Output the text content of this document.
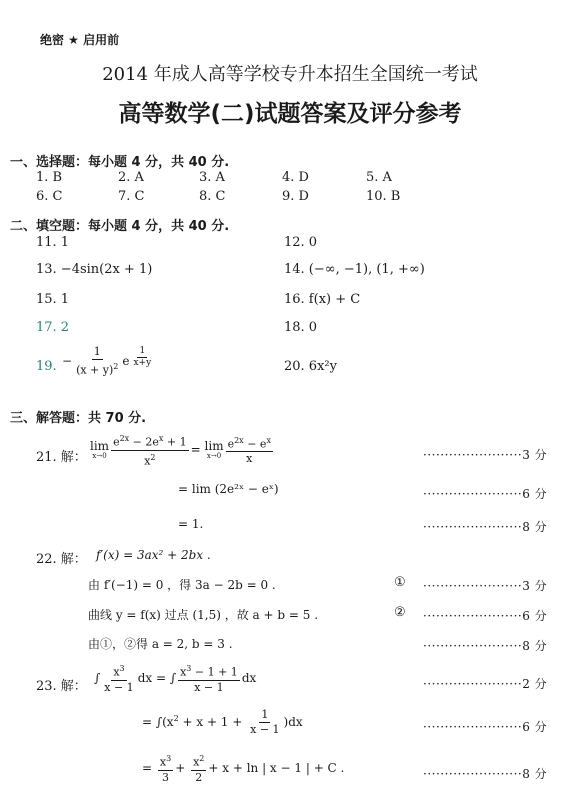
绝密 ★ 启用前
2014 年成人高等学校专升本招生全国统一考试
高等数学(二)试题答案及评分参考
一、选择题：每小题 4 分，共 40 分.
1. B	2. A	3. A	4. D	5. A
6. C	7. C	8. C	9. D	10. B
二、填空题：每小题 4 分，共 40 分.
11. 1	12. 0
13. −4sin(2x + 1)	14. (−∞, −1), (1, +∞)
15. 1	16. f(x) + C
17. 2	18. 0
19. − $\frac{1}{(x + y)^2}$ e $^{\frac{1}{x+y}}$	20. 6x²y
三、解答题：共 70 分.
21. 解：
lim
$x\to 0 \frac{e^{2x} - 2e^x + 1}{x^2} = \lim$
$x\to 0 \frac{e^{2x} - e^x}{x}$	·······················3 分
= lim (2e²ˣ − eˣ)	·······················6 分
= 1.	·······················8 分
22. 解： f′(x) = 3ax² + 2bx .
由 f′(−1) = 0 ，得 3a − 2b = 0 .	① ·······················3 分
曲线 y = f(x) 过点 (1,5) ，故 a + b = 5 .	② ·······················6 分
由①，②得 a = 2, b = 3 .	·······················8 分
23. 解：
∫ $\frac{x^3}{x - 1}$ dx = ∫ $\frac{x^3 - 1 + 1}{x - 1}$ dx	·······················2 分
= $\int(x^2 + x + 1 + \frac{1}{x - 1} )dx$	·······················6 分
= $\frac{x^3}{3} + \frac{x^2}{2} + x + \ln$ | x − 1 | + C .	·······················8 分
